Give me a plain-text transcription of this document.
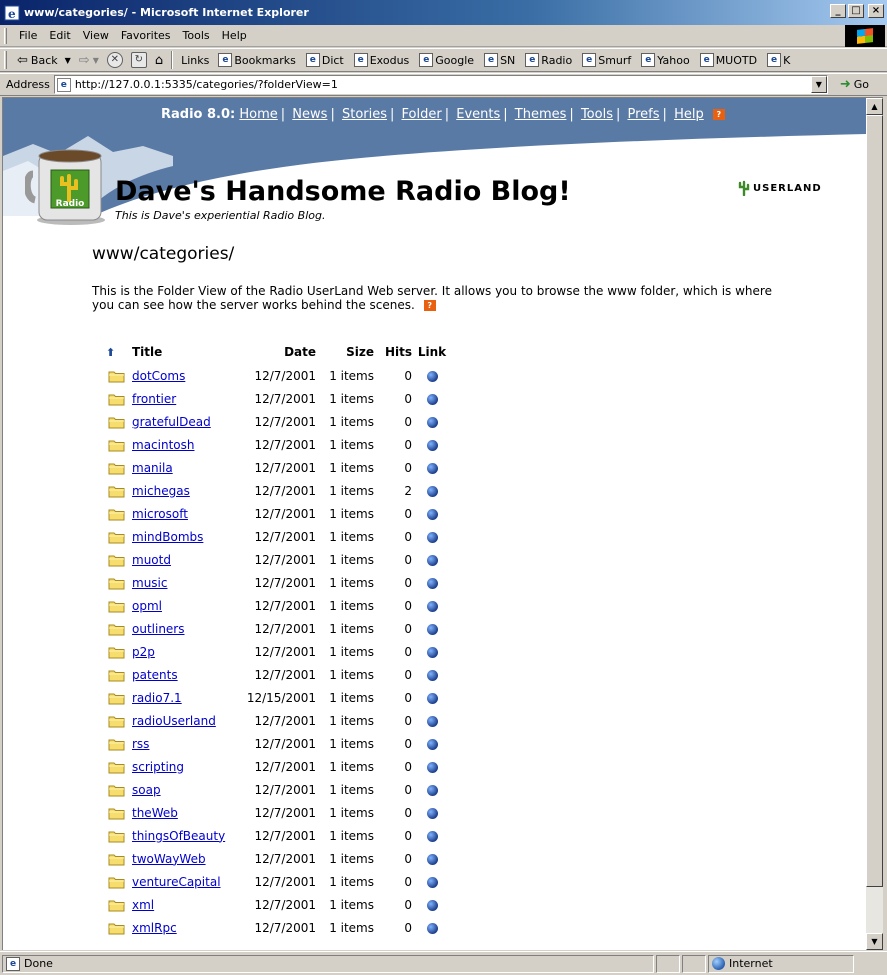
e www/categories/ - Microsoft Internet Explorer	_	□	×
File	Edit	View	Favorites	Tools	Help
⇦ Back ▼ ⇨ ▼	✕	↻ ⌂	Links	e Bookmarks	e Dict	e Exodus	e Google	e SN	e Radio	e Smurf	e Yahoo	e MUOTD	e K
Address	e http://127.0.0.1:5335/categories/?folderView=1	▼	➜ Go
Radio 8.0: Home | News | Stories | Folder | Events | Themes | Tools | Prefs | Help ?
Radio Dave's Handsome Radio Blog!
This is Dave's experiential Radio Blog.
USERLAND
www/categories/
This is the Folder View of the Radio UserLand Web server. It allows you to browse the www folder, which is where you can see how the server works behind the scenes. ?
⬆	Title	Date	Size	Hits	Link
	dotComs	12/7/2001	1 items	0	
	frontier	12/7/2001	1 items	0	
	gratefulDead	12/7/2001	1 items	0	
	macintosh	12/7/2001	1 items	0	
	manila	12/7/2001	1 items	0	
	michegas	12/7/2001	1 items	2	
	microsoft	12/7/2001	1 items	0	
	mindBombs	12/7/2001	1 items	0	
	muotd	12/7/2001	1 items	0	
	music	12/7/2001	1 items	0	
	opml	12/7/2001	1 items	0	
	outliners	12/7/2001	1 items	0	
	p2p	12/7/2001	1 items	0	
	patents	12/7/2001	1 items	0	
	radio7.1	12/15/2001	1 items	0	
	radioUserland	12/7/2001	1 items	0	
	rss	12/7/2001	1 items	0	
	scripting	12/7/2001	1 items	0	
	soap	12/7/2001	1 items	0	
	theWeb	12/7/2001	1 items	0	
	thingsOfBeauty	12/7/2001	1 items	0	
	twoWayWeb	12/7/2001	1 items	0	
	ventureCapital	12/7/2001	1 items	0	
	xml	12/7/2001	1 items	0	
	xmlRpc	12/7/2001	1 items	0	
▲
▼
e Done	Internet
